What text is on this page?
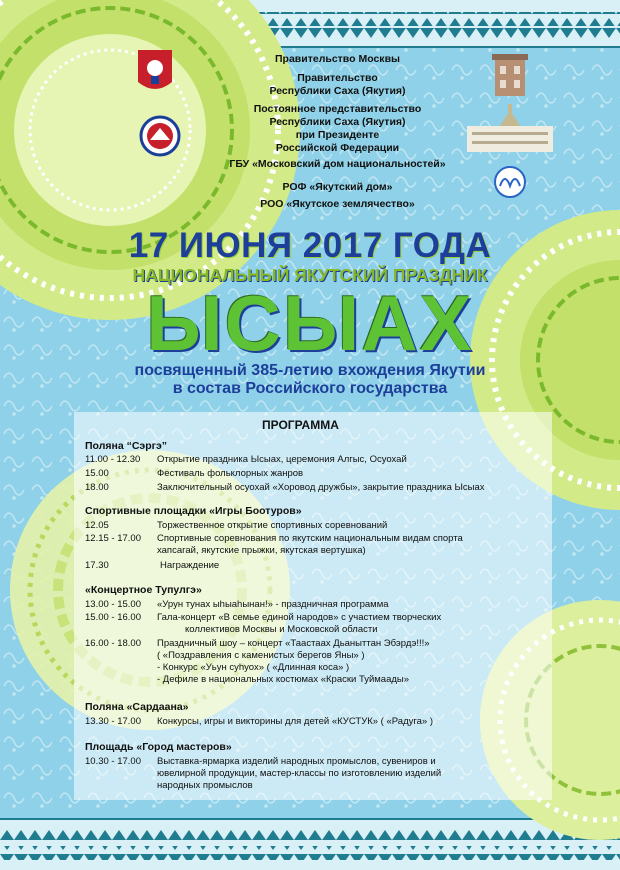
Правительство Москвы
Правительство
Республики Саха (Якутия)
Постоянное представительство
Республики Саха (Якутия)
при Президенте
Российской Федерации
ГБУ «Московский дом национальностей»
РОФ «Якутский дом»
РОО «Якутское землячество»
17 ИЮНЯ 2017 ГОДА
НАЦИОНАЛЬНЫЙ ЯКУТСКИЙ ПРАЗДНИК
ЫСЫАХ
посвященный 385-летию вхождения Якутии
в состав Российского государства
ПРОГРАММА
Поляна “Сэргэ”
11.00 - 12.30	Открытие праздника Ысыах, церемония Алгыс, Осуохай
15.00	Фестиваль фольклорных жанров
18.00	Заключительный осуохай «Хоровод дружбы», закрытие праздника Ысыах
Спортивные площадки «Игры Боотуров»
12.05	Торжественное открытие спортивных соревнований
12.15 - 17.00	Спортивные соревнования по якутским национальным видам спорта
хапсагай, якутские прыжки, якутская вертушка)
17.30	Награждение
«Концертное Тупулгэ»
13.00 - 15.00	«Урун тунах ыhыаhынан!» - праздничная программа
15.00 - 16.00	Гала-концерт «В семье единой народов» с участием творческих
коллективов Москвы и Московской области
16.00 - 18.00	Праздничный шоу – концерт «Таастаах Дьаныттан Эбэрдэ!!!»
( «Поздравления с каменистых берегов Яны» )
- Конкурс «Уьун суhуох» ( «Длинная коса» )
- Дефиле в национальных костюмах «Краски Туймаады»
Поляна «Сардаана»
13.30 - 17.00	Конкурсы, игры и викторины для детей «КУСТУК» ( «Радуга» )
Площадь «Город мастеров»
10.30 - 17.00	Выставка-ярмарка изделий народных промыслов, сувениров и
ювелирной продукции, мастер-классы по изготовлению изделий
народных промыслов
